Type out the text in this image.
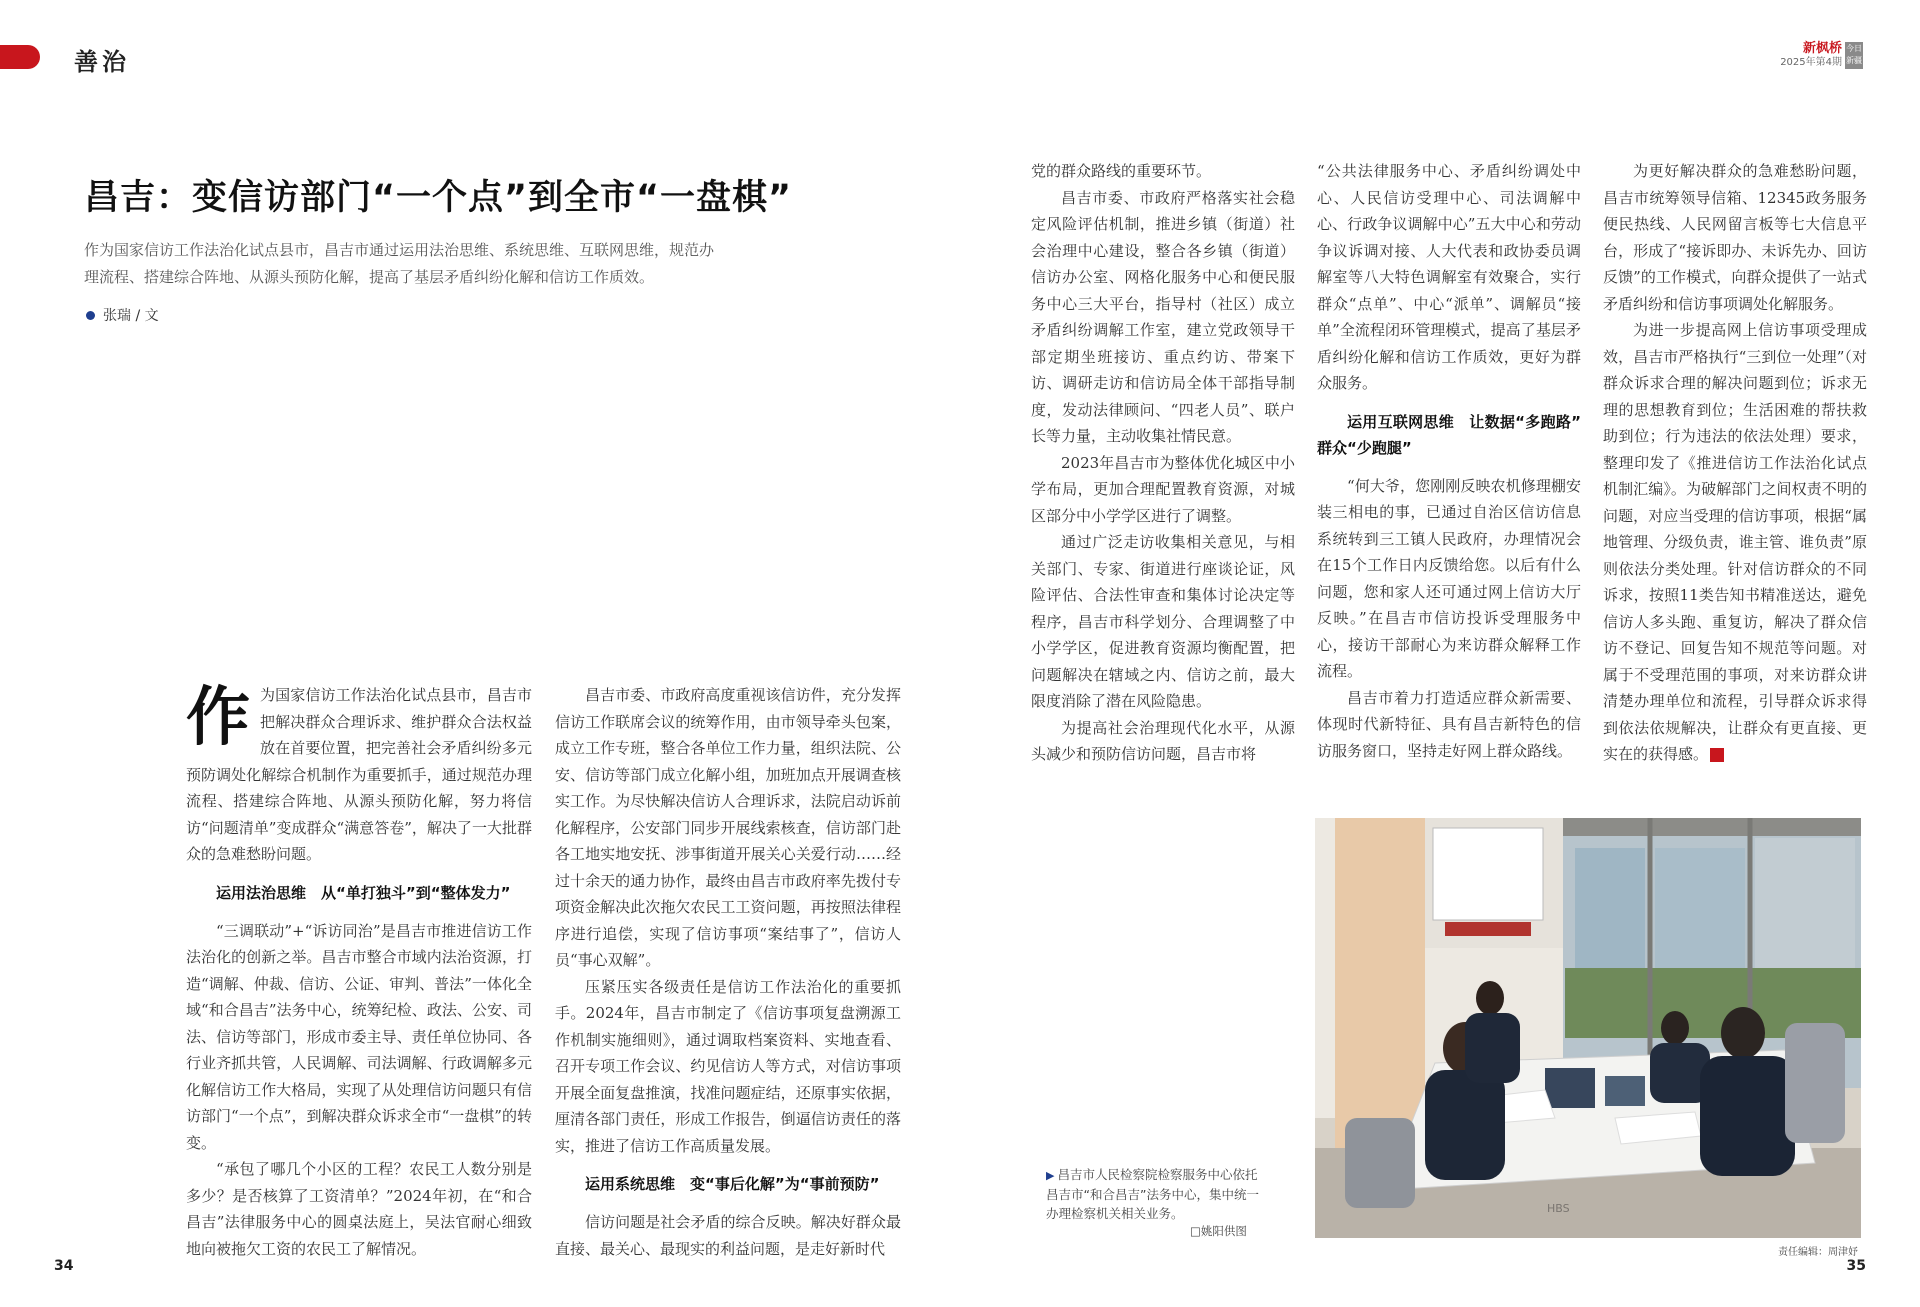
善治	新枫桥
2025年第4期
今日新疆
昌吉：变信访部门“一个点”到全市“一盘棋”
作为国家信访工作法治化试点县市，昌吉市通过运用法治思维、系统思维、互联网思维，规范办理流程、搭建综合阵地、从源头预防化解，提高了基层矛盾纠纷化解和信访工作质效。
张瑞 / 文
作 为国家信访工作法治化试点县市，昌吉市把解决群众合理诉求、维护群众合法权益放在首要位置，把完善社会矛盾纠纷多元预防调处化解综合机制作为重要抓手，通过规范办理流程、搭建综合阵地、从源头预防化解，努力将信访“问题清单”变成群众“满意答卷”，解决了一大批群众的急难愁盼问题。

运用法治思维　从“单打独斗”到“整体发力”

“三调联动”+“诉访同治”是昌吉市推进信访工作法治化的创新之举。昌吉市整合市域内法治资源，打造“调解、仲裁、信访、公证、审判、普法”一体化全域“和合昌吉”法务中心，统筹纪检、政法、公安、司法、信访等部门，形成市委主导、责任单位协同、各行业齐抓共管，人民调解、司法调解、行政调解多元化解信访工作大格局，实现了从处理信访问题只有信访部门“一个点”，到解决群众诉求全市“一盘棋”的转变。

“承包了哪几个小区的工程？农民工人数分别是多少？是否核算了工资清单？”2024年初，在“和合昌吉”法律服务中心的圆桌法庭上，吴法官耐心细致地向被拖欠工资的农民工了解情况。

昌吉市委、市政府高度重视该信访件，充分发挥信访工作联席会议的统筹作用，由市领导牵头包案，成立工作专班，整合各单位工作力量，组织法院、公安、信访等部门成立化解小组，加班加点开展调查核实工作。为尽快解决信访人合理诉求，法院启动诉前化解程序，公安部门同步开展线索核查，信访部门赴各工地实地安抚、涉事街道开展关心关爱行动……经过十余天的通力协作，最终由昌吉市政府率先拨付专项资金解决此次拖欠农民工工资问题，再按照法律程序进行追偿，实现了信访事项“案结事了”，信访人员“事心双解”。

压紧压实各级责任是信访工作法治化的重要抓手。2024年，昌吉市制定了《信访事项复盘溯源工作机制实施细则》，通过调取档案资料、实地查看、召开专项工作会议、约见信访人等方式，对信访事项开展全面复盘推演，找准问题症结，还原事实依据，厘清各部门责任，形成工作报告，倒逼信访责任的落实，推进了信访工作高质量发展。

运用系统思维　变“事后化解”为“事前预防”

信访问题是社会矛盾的综合反映。解决好群众最直接、最关心、最现实的利益问题，是走好新时代

党的群众路线的重要环节。

昌吉市委、市政府严格落实社会稳定风险评估机制，推进乡镇（街道）社会治理中心建设，整合各乡镇（街道）信访办公室、网格化服务中心和便民服务中心三大平台，指导村（社区）成立矛盾纠纷调解工作室，建立党政领导干部定期坐班接访、重点约访、带案下访、调研走访和信访局全体干部指导制度，发动法律顾问、“四老人员”、联户长等力量，主动收集社情民意。

2023年昌吉市为整体优化城区中小学布局，更加合理配置教育资源，对城区部分中小学学区进行了调整。

通过广泛走访收集相关意见，与相关部门、专家、街道进行座谈论证，风险评估、合法性审查和集体讨论决定等程序，昌吉市科学划分、合理调整了中小学学区，促进教育资源均衡配置，把问题解决在辖域之内、信访之前，最大限度消除了潜在风险隐患。

为提高社会治理现代化水平，从源头减少和预防信访问题，昌吉市将

“公共法律服务中心、矛盾纠纷调处中心、人民信访受理中心、司法调解中心、行政争议调解中心”五大中心和劳动争议诉调对接、人大代表和政协委员调解室等八大特色调解室有效聚合，实行群众“点单”、中心“派单”、调解员“接单”全流程闭环管理模式，提高了基层矛盾纠纷化解和信访工作质效，更好为群众服务。

运用互联网思维　让数据“多跑路”　群众“少跑腿”

“何大爷，您刚刚反映农机修理棚安装三相电的事，已通过自治区信访信息系统转到三工镇人民政府，办理情况会在15个工作日内反馈给您。以后有什么问题，您和家人还可通过网上信访大厅反映。”在昌吉市信访投诉受理服务中心，接访干部耐心为来访群众解释工作流程。

昌吉市着力打造适应群众新需要、体现时代新特征、具有昌吉新特色的信访服务窗口，坚持走好网上群众路线。

为更好解决群众的急难愁盼问题，昌吉市统筹领导信箱、12345政务服务便民热线、人民网留言板等七大信息平台，形成了“接诉即办、未诉先办、回访反馈”的工作模式，向群众提供了一站式矛盾纠纷和信访事项调处化解服务。

为进一步提高网上信访事项受理成效，昌吉市严格执行“三到位一处理”（对群众诉求合理的解决问题到位；诉求无理的思想教育到位；生活困难的帮扶救助到位；行为违法的依法处理）要求，整理印发了《推进信访工作法治化试点机制汇编》。为破解部门之间权责不明的问题，对应当受理的信访事项，根据“属地管理、分级负责，谁主管、谁负责”原则依法分类处理。针对信访群众的不同诉求，按照11类告知书精准送达，避免信访人多头跑、重复访，解决了群众信访不登记、回复告知不规范等问题。对属于不受理范围的事项，对来访群众讲清楚办理单位和流程，引导群众诉求得到依法依规解决，让群众有更直接、更实在的获得感。	J

HBS
▶ 昌吉市人民检察院检察服务中心依托昌吉市“和合昌吉”法务中心，集中统一办理检察机关相关业务。
□姚阳供图
责任编辑：周津妤
34	35
